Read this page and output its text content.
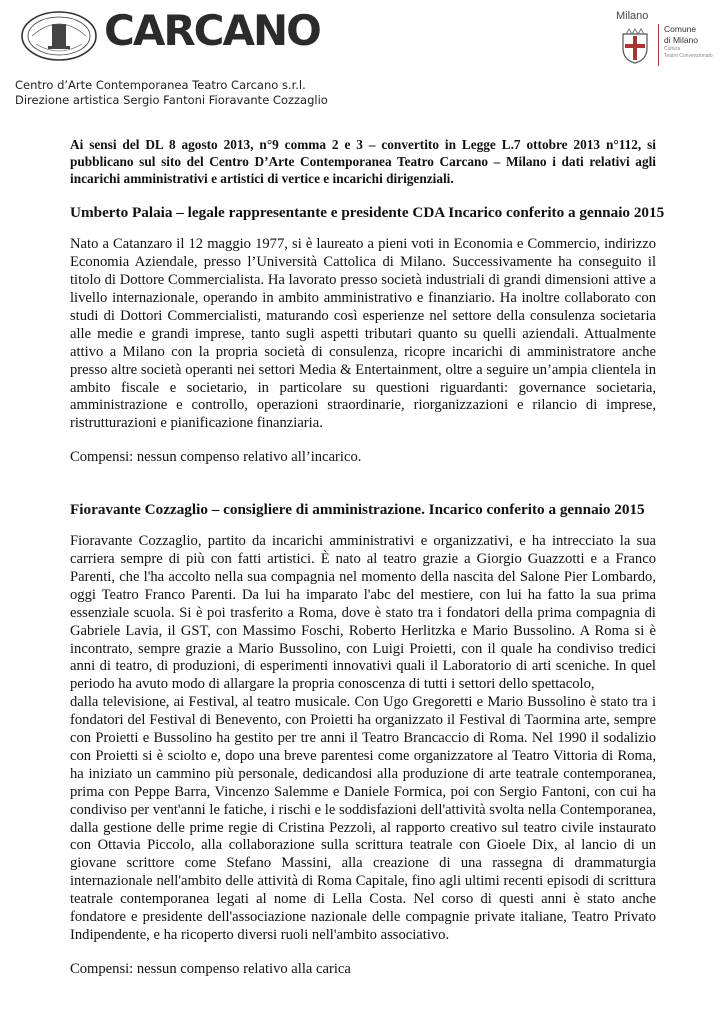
CARCANO	Milano
Comune
di Milano
Cultura
Teatro Convenzionato
Centro d’Arte Contemporanea Teatro Carcano s.r.l.
Direzione artistica Sergio Fantoni Fioravante Cozzaglio
Ai sensi del DL 8 agosto 2013, n°9 comma 2 e 3 – convertito in Legge L.7 ottobre 2013 n°112, si
pubblicano sul sito del Centro D’Arte Contemporanea Teatro Carcano – Milano i dati relativi agli
incarichi amministrativi e artistici di vertice e incarichi dirigenziali.
Umberto Palaia – legale rappresentante e presidente CDA Incarico conferito a gennaio 2015
Nato a Catanzaro il 12 maggio 1977, si è laureato a pieni voti in Economia e Commercio, indirizzo
Economia Aziendale, presso l’Università Cattolica di Milano. Successivamente ha conseguito il
titolo di Dottore Commercialista. Ha lavorato presso società industriali di grandi dimensioni attive a
livello internazionale, operando in ambito amministrativo e finanziario. Ha inoltre collaborato con
studi di Dottori Commercialisti, maturando così esperienze nel settore della consulenza societaria
alle medie e grandi imprese, tanto sugli aspetti tributari quanto su quelli aziendali. Attualmente
attivo a Milano con la propria società di consulenza, ricopre incarichi di amministratore anche
presso altre società operanti nei settori Media & Entertainment, oltre a seguire un’ampia clientela in
ambito fiscale e societario, in particolare su questioni riguardanti: governance societaria,
amministrazione e controllo, operazioni straordinarie, riorganizzazioni e rilancio di imprese,
ristrutturazioni e pianificazione finanziaria.
Compensi: nessun compenso relativo all’incarico.
Fioravante Cozzaglio – consigliere di amministrazione. Incarico conferito a gennaio 2015
Fioravante Cozzaglio, partito da incarichi amministrativi e organizzativi, e ha intrecciato la sua
carriera sempre di più con fatti artistici. È nato al teatro grazie a Giorgio Guazzotti e a Franco
Parenti, che l'ha accolto nella sua compagnia nel momento della nascita del Salone Pier Lombardo,
oggi Teatro Franco Parenti. Da lui ha imparato l'abc del mestiere, con lui ha fatto la sua prima
essenziale scuola. Si è poi trasferito a Roma, dove è stato tra i fondatori della prima compagnia di
Gabriele Lavia, il GST, con Massimo Foschi, Roberto Herlitzka e Mario Bussolino. A Roma si è
incontrato, sempre grazie a Mario Bussolino, con Luigi Proietti, con il quale ha condiviso tredici
anni di teatro, di produzioni, di esperimenti innovativi quali il Laboratorio di arti sceniche. In quel
periodo ha avuto modo di allargare la propria conoscenza di tutti i settori dello spettacolo,
dalla televisione, ai Festival, al teatro musicale. Con Ugo Gregoretti e Mario Bussolino è stato tra i
fondatori del Festival di Benevento, con Proietti ha organizzato il Festival di Taormina arte, sempre
con Proietti e Bussolino ha gestito per tre anni il Teatro Brancaccio di Roma. Nel 1990 il sodalizio
con Proietti si è sciolto e, dopo una breve parentesi come organizzatore al Teatro Vittoria di Roma,
ha iniziato un cammino più personale, dedicandosi alla produzione di arte teatrale contemporanea,
prima con Peppe Barra, Vincenzo Salemme e Daniele Formica, poi con Sergio Fantoni, con cui ha
condiviso per vent'anni le fatiche, i rischi e le soddisfazioni dell'attività svolta nella Contemporanea,
dalla gestione delle prime regie di Cristina Pezzoli, al rapporto creativo sul teatro civile instaurato
con Ottavia Piccolo, alla collaborazione sulla scrittura teatrale con Gioele Dix, al lancio di un
giovane scrittore come Stefano Massini, alla creazione di una rassegna di drammaturgia
internazionale nell'ambito delle attività di Roma Capitale, fino agli ultimi recenti episodi di scrittura
teatrale contemporanea legati al nome di Lella Costa. Nel corso di questi anni è stato anche
fondatore e presidente dell'associazione nazionale delle compagnie private italiane, Teatro Privato
Indipendente, e ha ricoperto diversi ruoli nell'ambito associativo.
Compensi: nessun compenso relativo alla carica
